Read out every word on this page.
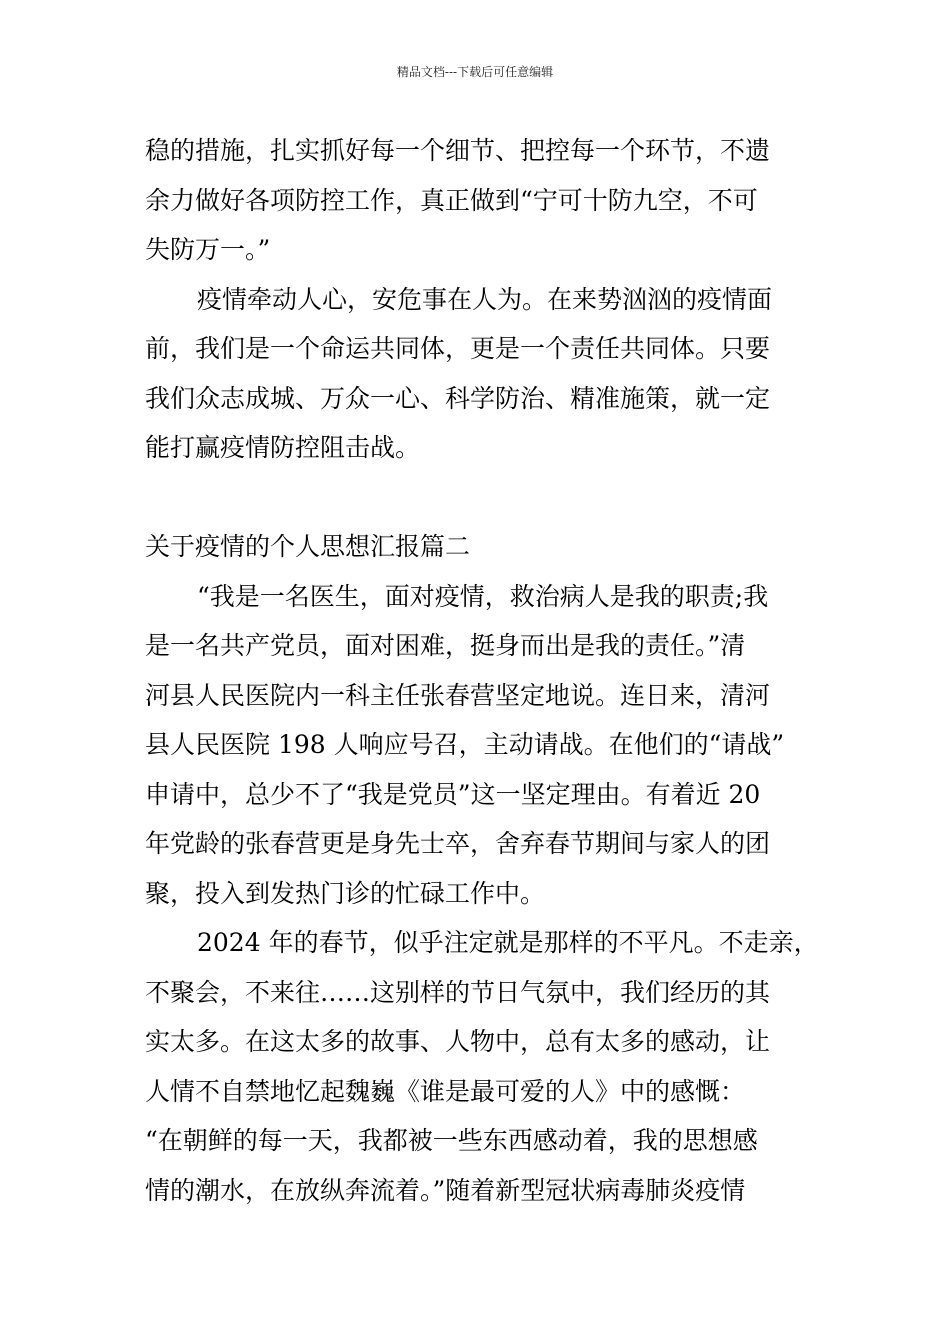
精品文档---下载后可任意编辑
稳的措施，扎实抓好每一个细节、把控每一个环节，不遗
余力做好各项防控工作，真正做到“宁可十防九空，不可
失防万一。”
疫情牵动人心，安危事在人为。在来势汹汹的疫情面
前，我们是一个命运共同体，更是一个责任共同体。只要
我们众志成城、万众一心、科学防治、精准施策，就一定
能打赢疫情防控阻击战。
关于疫情的个人思想汇报篇二
“我是一名医生，面对疫情，救治病人是我的职责;我
是一名共产党员，面对困难，挺身而出是我的责任。”清
河县人民医院内一科主任张春营坚定地说。连日来，清河
县人民医院 198 人响应号召，主动请战。在他们的“请战”
申请中，总少不了“我是党员”这一坚定理由。有着近 20
年党龄的张春营更是身先士卒，舍弃春节期间与家人的团
聚，投入到发热门诊的忙碌工作中。
2024 年的春节，似乎注定就是那样的不平凡。不走亲，
不聚会，不来往……这别样的节日气氛中，我们经历的其
实太多。在这太多的故事、人物中，总有太多的感动，让
人情不自禁地忆起魏巍《谁是最可爱的人》中的感慨：
“在朝鲜的每一天，我都被一些东西感动着，我的思想感
情的潮水，在放纵奔流着。”随着新型冠状病毒肺炎疫情
